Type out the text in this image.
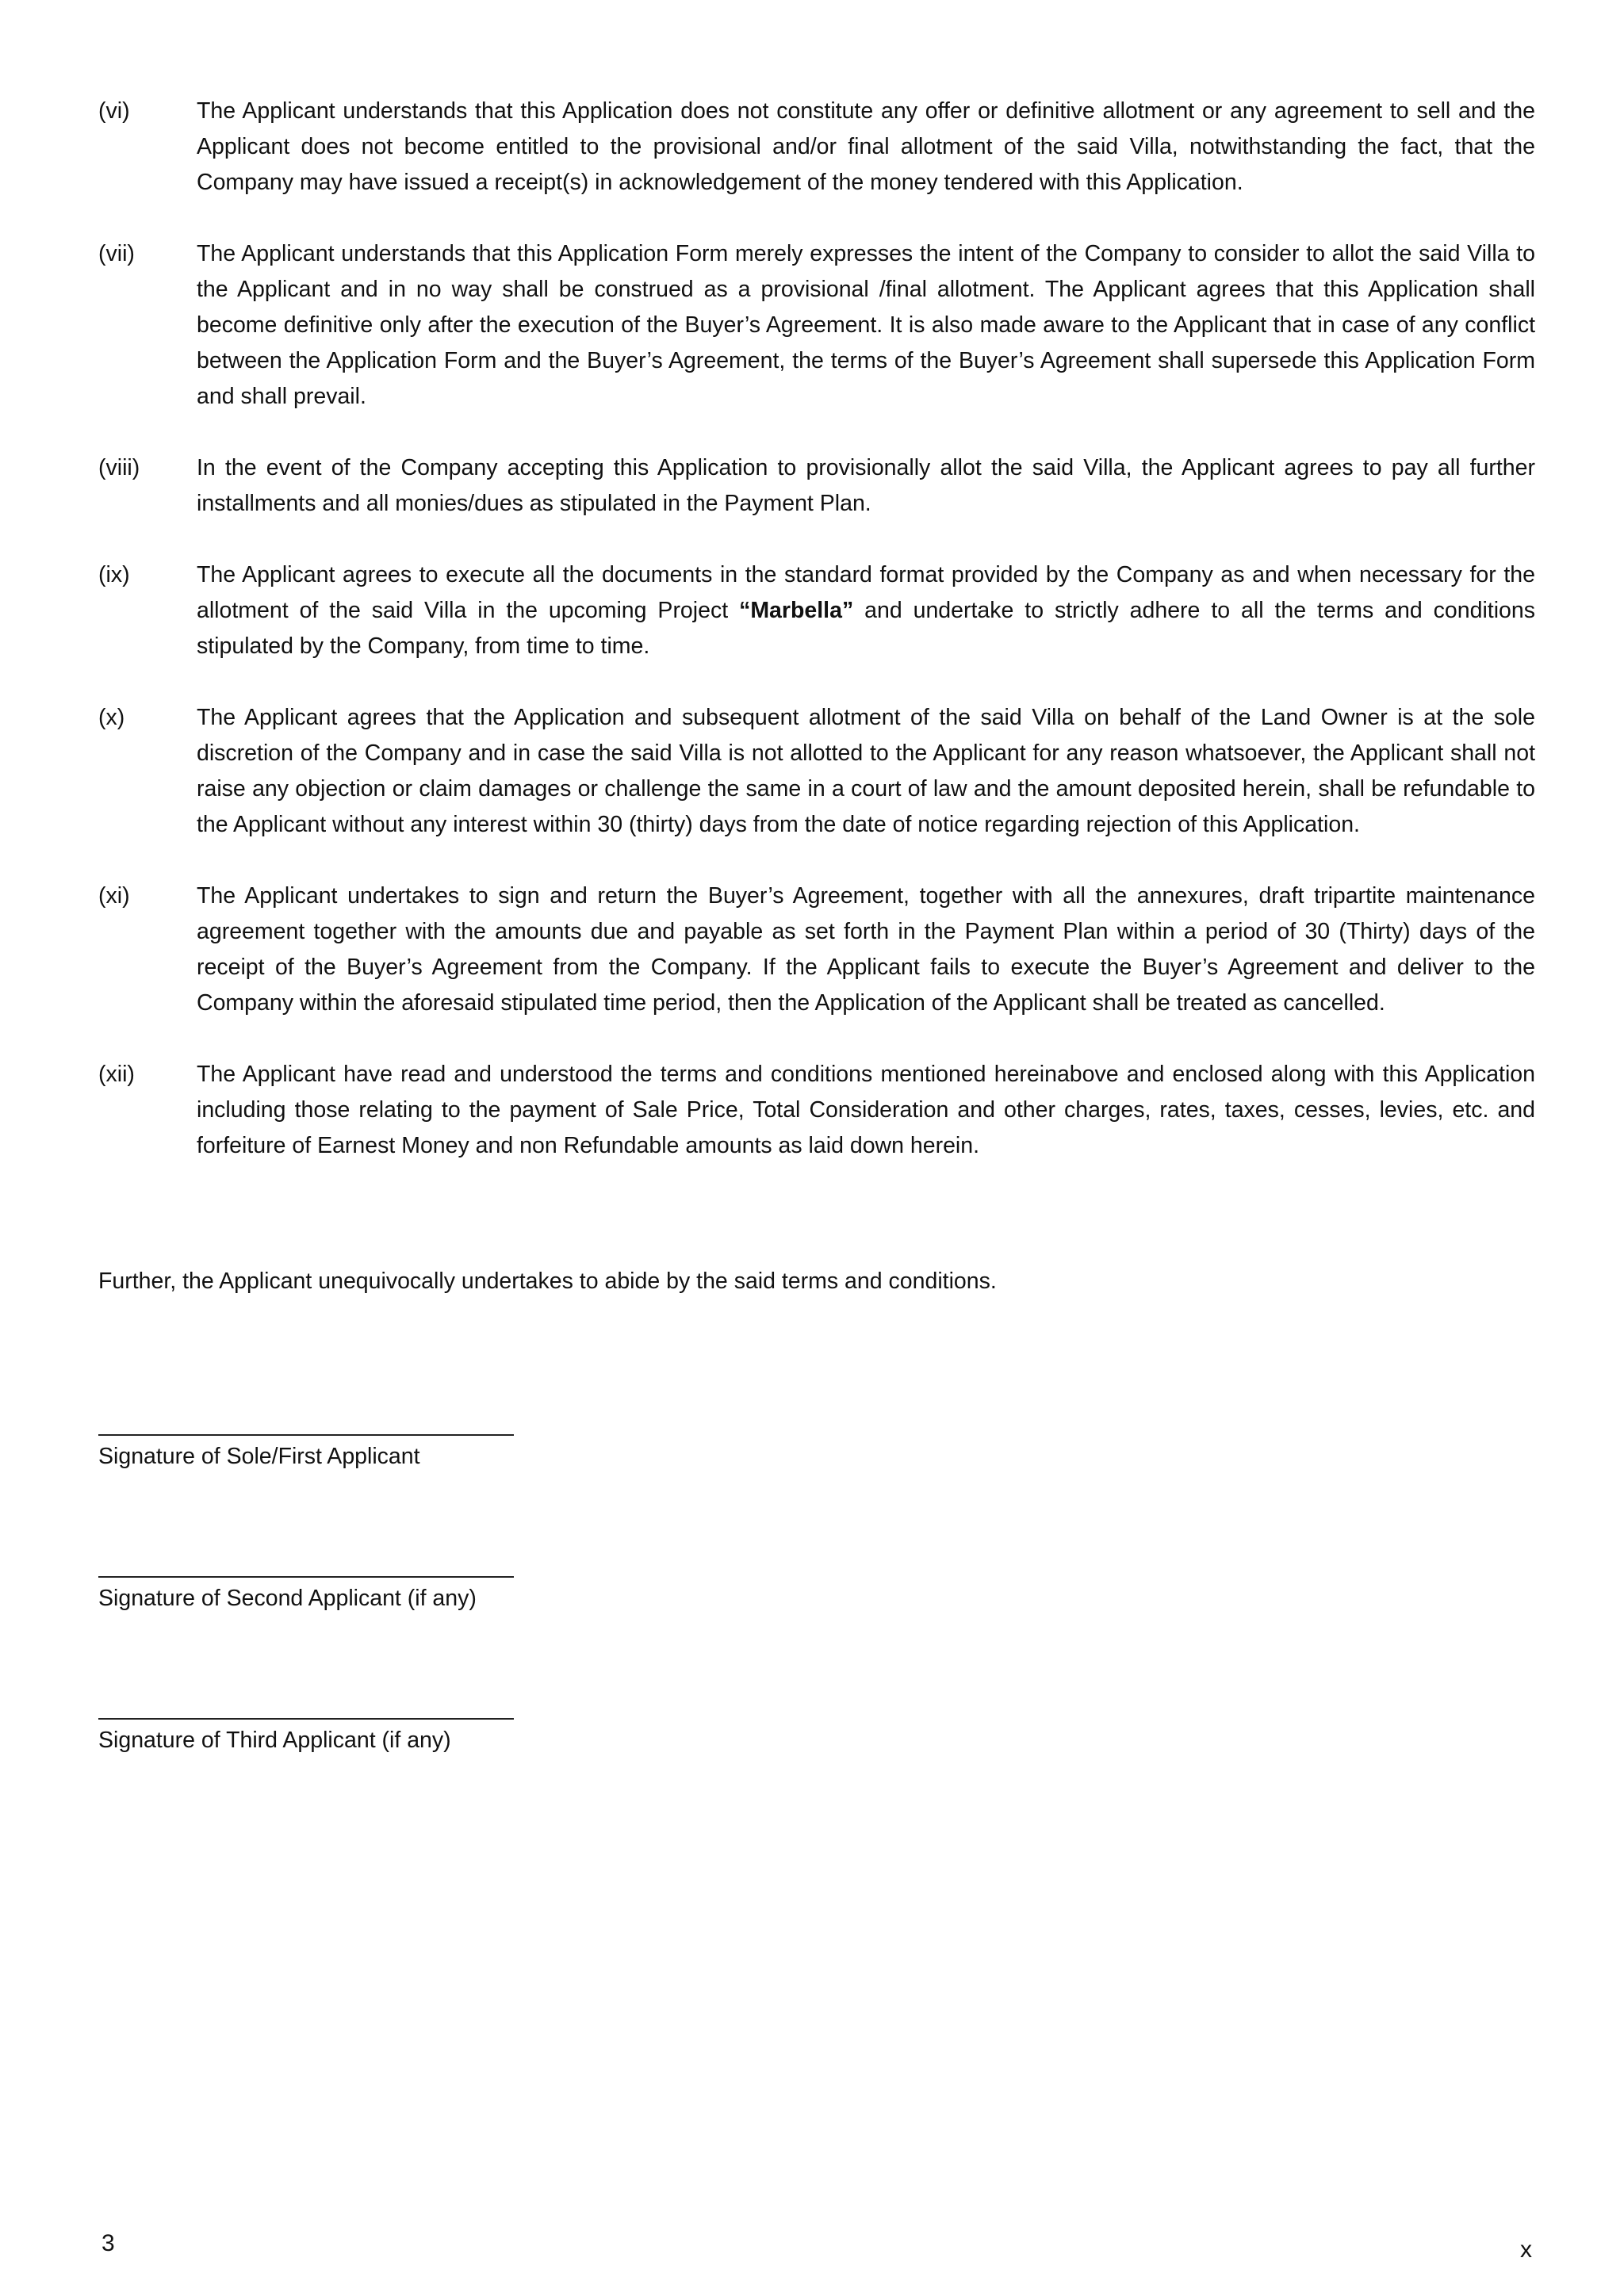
(vi)	The Applicant understands that this Application does not constitute any offer or definitive allotment or any agreement to sell and the Applicant does not become entitled to the provisional and/or final allotment of the said Villa, notwithstanding the fact, that the Company may have issued a receipt(s) in acknowledgement of the money tendered with this Application.
(vii)	The Applicant understands that this Application Form merely expresses the intent of the Company to consider to allot the said Villa to the Applicant and in no way shall be construed as a provisional /final allotment. The Applicant agrees that this Application shall become definitive only after the execution of the Buyer’s Agreement. It is also made aware to the Applicant that in case of any conflict between the Application Form and the Buyer’s Agreement, the terms of the Buyer’s Agreement shall supersede this Application Form and shall prevail.
(viii)	In the event of the Company accepting this Application to provisionally allot the said Villa, the Applicant agrees to pay all further installments and all monies/dues as stipulated in the Payment Plan.
(ix)	The Applicant agrees to execute all the documents in the standard format provided by the Company as and when necessary for the allotment of the said Villa in the upcoming Project “Marbella” and undertake to strictly adhere to all the terms and conditions stipulated by the Company, from time to time.
(x)	The Applicant agrees that the Application and subsequent allotment of the said Villa on behalf of the Land Owner is at the sole discretion of the Company and in case the said Villa is not allotted to the Applicant for any reason whatsoever, the Applicant shall not raise any objection or claim damages or challenge the same in a court of law and the amount deposited herein, shall be refundable to the Applicant without any interest within 30 (thirty) days from the date of notice regarding rejection of this Application.
(xi)	The Applicant undertakes to sign and return the Buyer’s Agreement, together with all the annexures, draft tripartite maintenance agreement together with the amounts due and payable as set forth in the Payment Plan within a period of 30 (Thirty) days of the receipt of the Buyer’s Agreement from the Company. If the Applicant fails to execute the Buyer’s Agreement and deliver to the Company within the aforesaid stipulated time period, then the Application of the Applicant shall be treated as cancelled.
(xii)	The Applicant have read and understood the terms and conditions mentioned hereinabove and enclosed along with this Application including those relating to the payment of Sale Price, Total Consideration and other charges, rates, taxes, cesses, levies, etc. and forfeiture of Earnest Money and non Refundable amounts as laid down herein.
Further, the Applicant unequivocally undertakes to abide by the said terms and conditions.
Signature of Sole/First Applicant
Signature of Second Applicant (if any)
Signature of Third Applicant (if any)
3	x
